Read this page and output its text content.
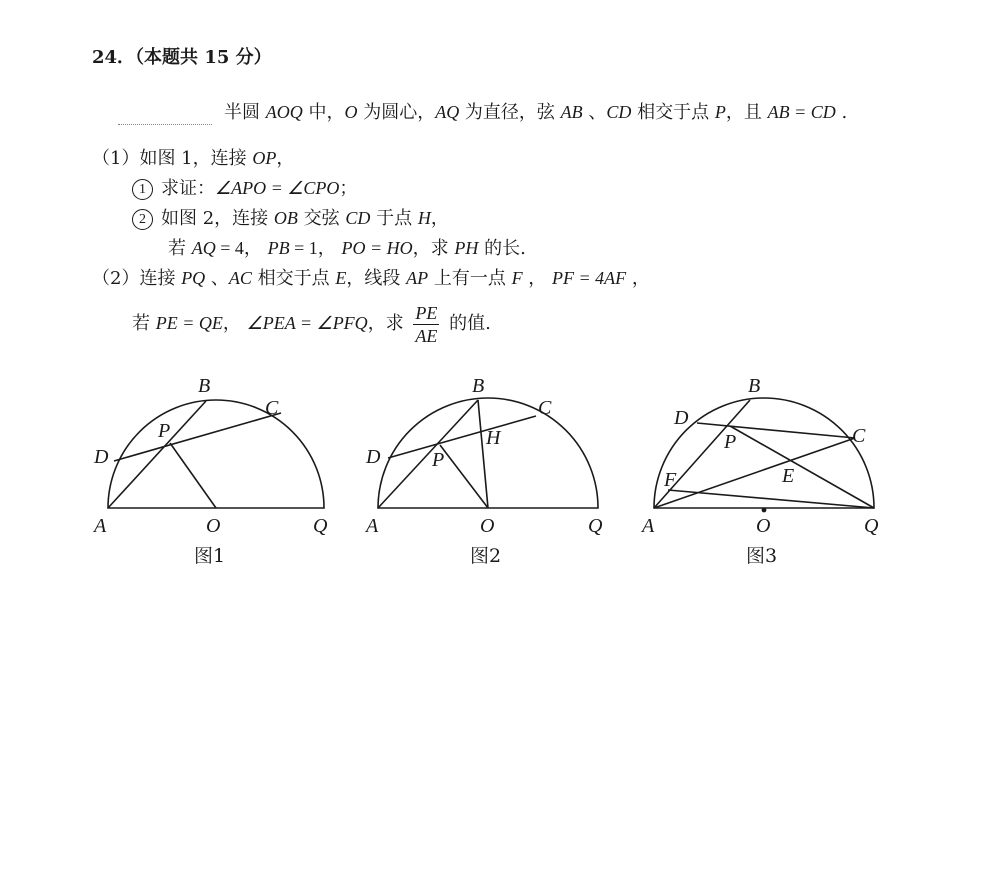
24．（本题共 15 分）
半圆 AOQ 中，O 为圆心，AQ 为直径，弦 AB 、CD 相交于点 P，且 AB = CD .
（1）如图 1，连接 OP，
1 求证：∠APO = ∠CPO；
2 如图 2，连接 OB 交弦 CD 于点 H，
若 AQ = 4， PB = 1， PO = HO，求 PH 的长.
（2）连接 PQ 、AC 相交于点 E，线段 AP 上有一点 F ， PF = 4AF ，
若 PE = QE， ∠PEA = ∠PFQ，求 $\frac{PE}{AE}$ 的值.
A	O	Q
B
C
D
P
图1
A	O	Q
B
C
D	P
H
图2
A	O	Q
B
C
D
P
E
F
图3
